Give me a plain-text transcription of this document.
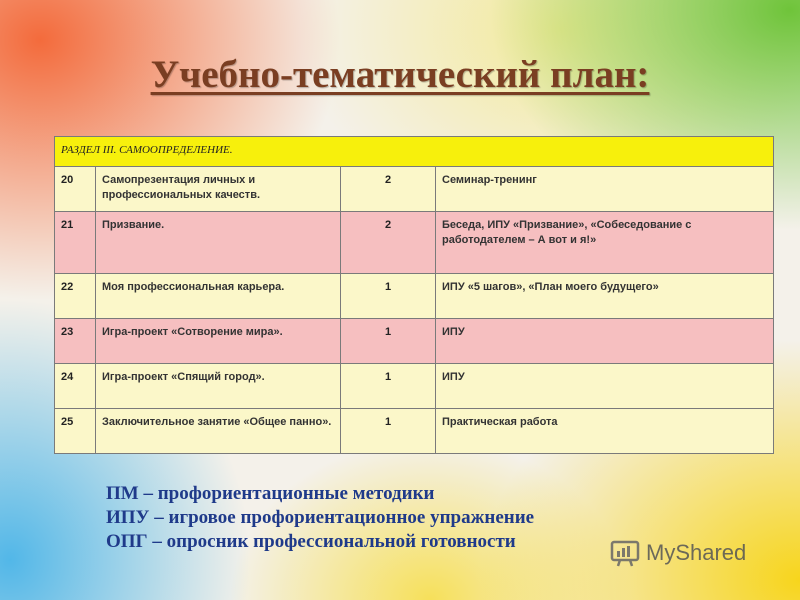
Учебно-тематический план:
РАЗДЕЛ III. САМООПРЕДЕЛЕНИЕ.			
20	Самопрезентация личных и профессиональных качеств.	2	Семинар-тренинг
21	Призвание.	2	Беседа, ИПУ «Призвание», «Собеседование с работодателем – А вот и я!»
22	Моя профессиональная карьера.	1	ИПУ «5 шагов», «План моего будущего»
23	Игра-проект «Сотворение мира».	1	ИПУ
24	Игра-проект «Спящий город».	1	ИПУ
25	Заключительное занятие «Общее панно».	1	Практическая работа
ПМ – профориентационные методики
ИПУ – игровое профориентационное упражнение
ОПГ – опросник профессиональной готовности	MyShared
